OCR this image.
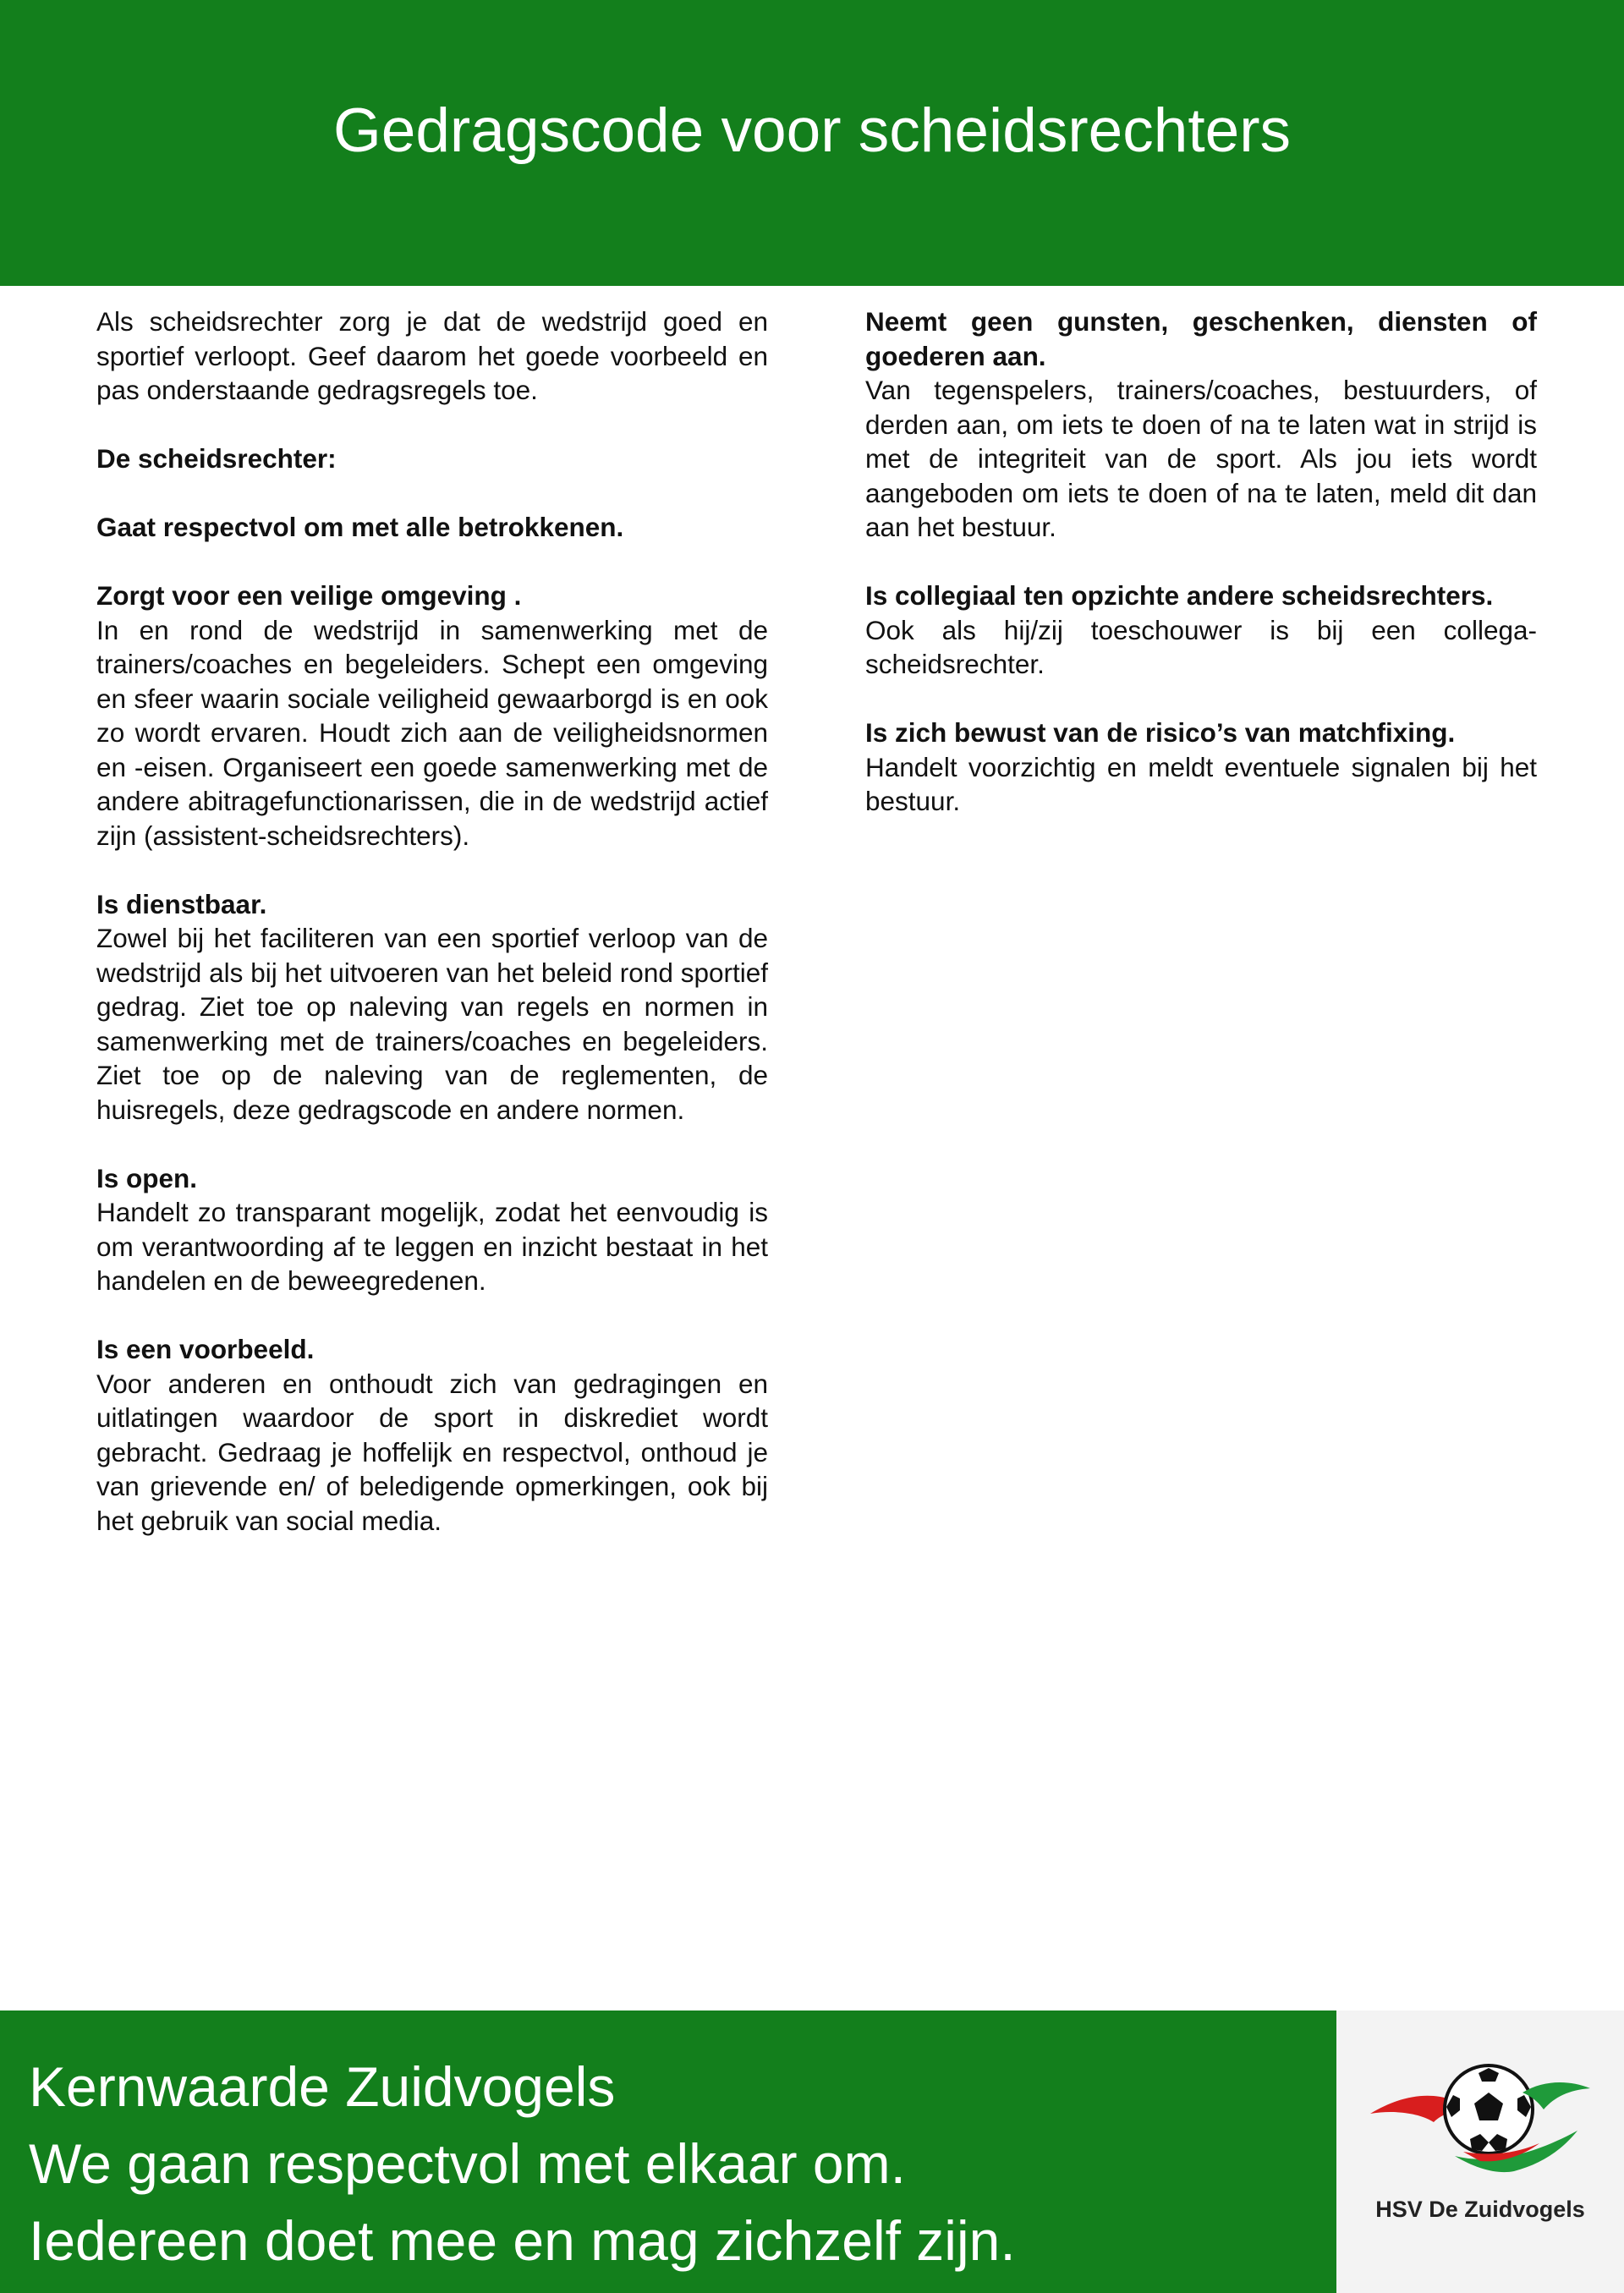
Gedragscode voor scheidsrechters

Als scheidsrechter zorg je dat de wedstrijd goed en sportief verloopt. Geef daarom het goede voorbeeld en pas onderstaande gedragsregels toe.

De scheidsrechter:

Gaat respectvol om met alle betrokkenen.

Zorgt voor een veilige omgeving .
In en rond de wedstrijd in samenwerking met de trainers/coaches en begeleiders. Schept een omgeving en sfeer waarin sociale veiligheid gewaarborgd is en ook zo wordt ervaren. Houdt zich aan de veiligheidsnormen en -eisen. Organiseert een goede samenwerking met de andere abitragefunctionarissen, die in de wedstrijd actief zijn (assistent-scheidsrechters).

Is dienstbaar.
Zowel bij het faciliteren van een sportief verloop van de wedstrijd als bij het uitvoeren van het beleid rond sportief gedrag. Ziet toe op naleving van regels en normen in samenwerking met de trainers/coaches en begeleiders. Ziet toe op de naleving van de reglementen, de huisregels, deze gedragscode en andere normen.

Is open.
Handelt zo transparant mogelijk, zodat het eenvoudig is om verantwoording af te leggen en inzicht bestaat in het handelen en de beweegredenen.

Is een voorbeeld.
Voor anderen en onthoudt zich van gedragingen en uitlatingen waardoor de sport in diskrediet wordt gebracht. Gedraag je hoffelijk en respectvol, onthoud je van grievende en/ of beledigende opmerkingen, ook bij het gebruik van social media.

Neemt geen gunsten, geschenken, diensten of goederen aan.
Van tegenspelers, trainers/coaches, bestuurders, of derden aan, om iets te doen of na te laten wat in strijd is met de integriteit van de sport. Als jou iets wordt aangeboden om iets te doen of na te laten, meld dit dan aan het bestuur.

Is collegiaal ten opzichte andere scheidsrechters.
Ook als hij/zij toeschouwer is bij een collega-scheidsrechter.

Is zich bewust van de risico’s van matchfixing.
Handelt voorzichtig en meldt eventuele signalen bij het bestuur.

Kernwaarde Zuidvogels
We gaan respectvol met elkaar om.
Iedereen doet mee en mag zichzelf zijn.	HSV De Zuidvogels
